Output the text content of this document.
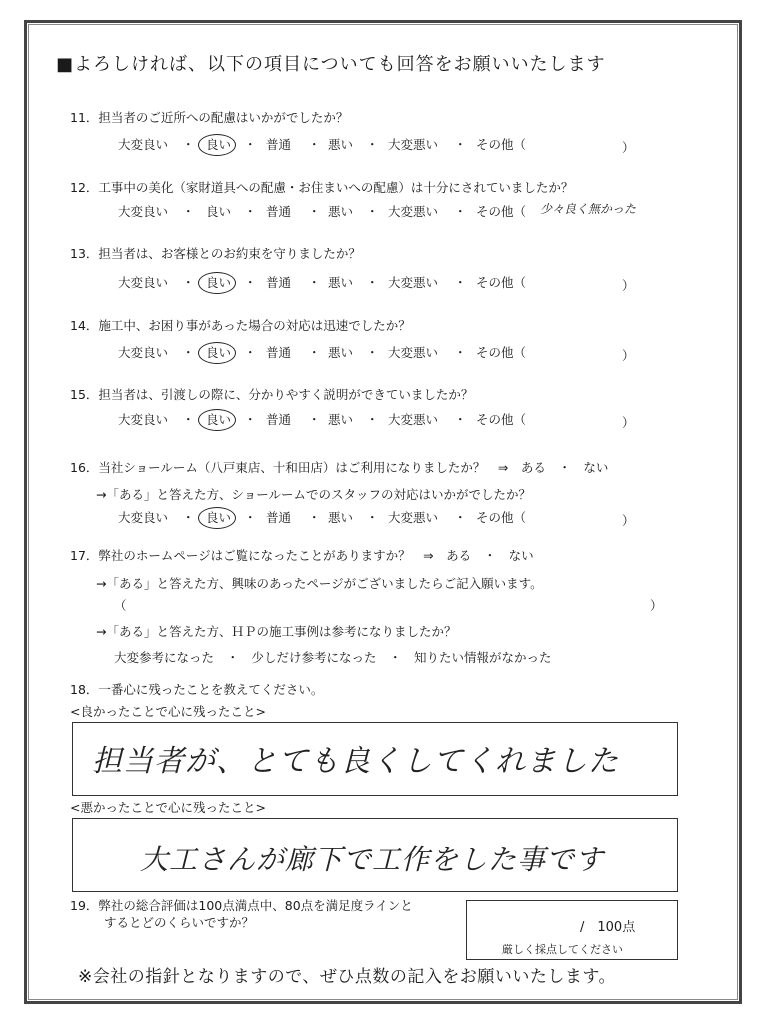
■よろしければ、以下の項目についても回答をお願いいたします
11．担当者のご近所への配慮はいかがでしたか？
大変良い ・ 良い ・ 普通 ・ 悪い ・ 大変悪い ・ その他（	）
12．工事中の美化（家財道具への配慮・お住まいへの配慮）は十分にされていましたか？
大変良い ・ 良い ・ 普通 ・ 悪い ・ 大変悪い ・ その他（ 少々良く無かった
13．担当者は、お客様とのお約束を守りましたか？
大変良い ・ 良い ・ 普通 ・ 悪い ・ 大変悪い ・ その他（	）
14．施工中、お困り事があった場合の対応は迅速でしたか？
大変良い ・ 良い ・ 普通 ・ 悪い ・ 大変悪い ・ その他（	）
15．担当者は、引渡しの際に、分かりやすく説明ができていましたか？
大変良い ・ 良い ・ 普通 ・ 悪い ・ 大変悪い ・ その他（	）
16．当社ショールーム（八戸東店、十和田店）はご利用になりましたか？　⇒　ある　・　ない
→「ある」と答えた方、ショールームでのスタッフの対応はいかがでしたか？
大変良い ・ 良い ・ 普通 ・ 悪い ・ 大変悪い ・ その他（	）
17．弊社のホームページはご覧になったことがありますか？　⇒　ある　・　ない
→「ある」と答えた方、興味のあったページがございましたらご記入願います。
（	）
→「ある」と答えた方、ＨＰの施工事例は参考になりましたか？
大変参考になった　・　少しだけ参考になった　・　知りたい情報がなかった
18．一番心に残ったことを教えてください。
<良かったことで心に残ったこと>
担当者が、とても良くしてくれました
<悪かったことで心に残ったこと>
大工さんが廊下で工作をした事です
19．弊社の総合評価は100点満点中、80点を満足度ラインと
するとどのくらいですか？	/　100点
厳しく採点してください
※会社の指針となりますので、ぜひ点数の記入をお願いいたします。
